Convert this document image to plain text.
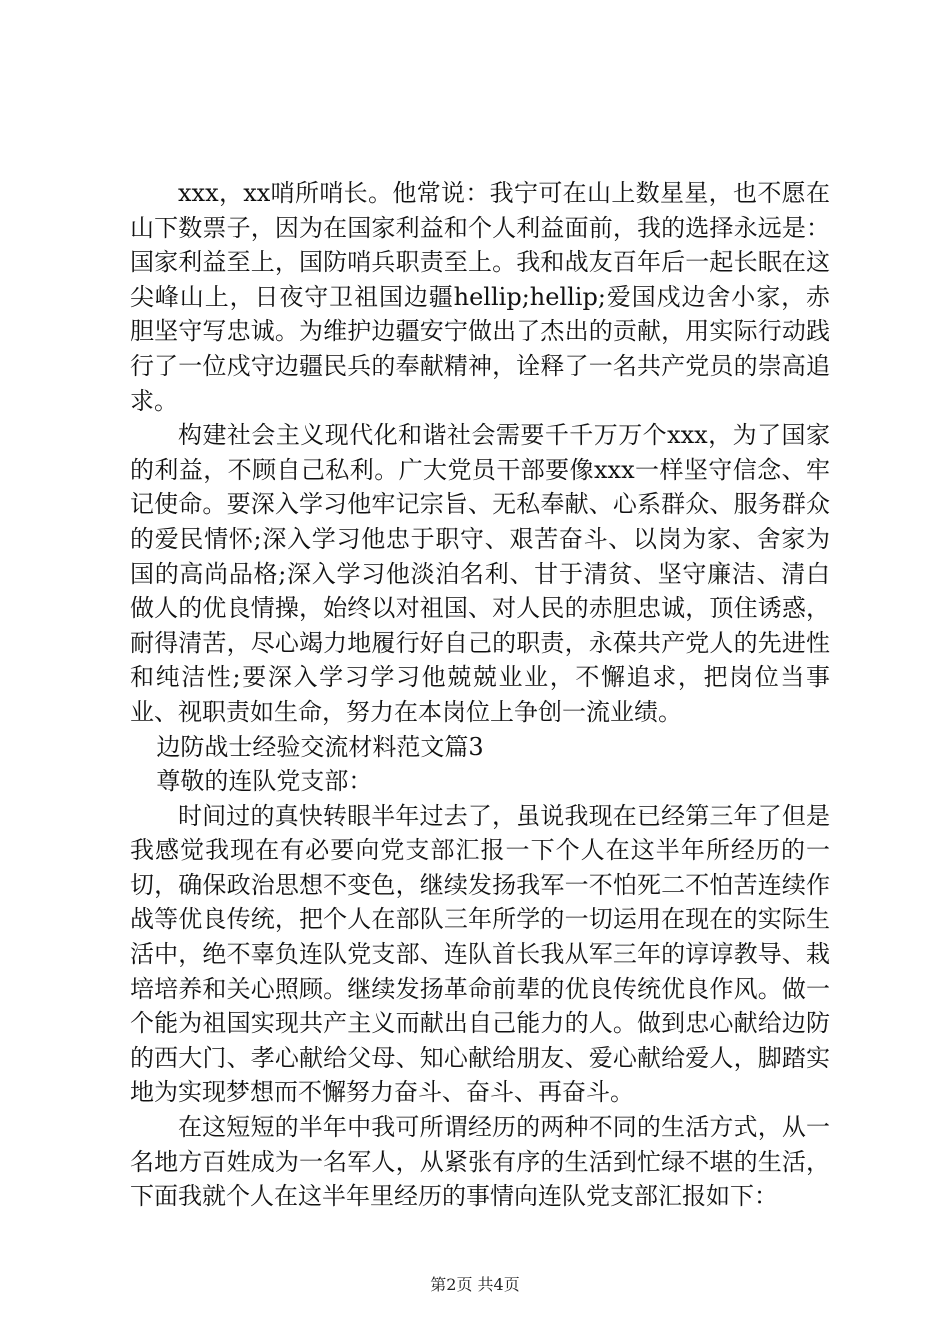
xxx，xx哨所哨长。他常说：我宁可在山上数星星，也不愿在山下数票子，因为在国家利益和个人利益面前，我的选择永远是：国家利益至上，国防哨兵职责至上。我和战友百年后一起长眠在这尖峰山上，日夜守卫祖国边疆hellip;hellip;爱国戍边舍小家，赤胆坚守写忠诚。为维护边疆安宁做出了杰出的贡献，用实际行动践行了一位戍守边疆民兵的奉献精神，诠释了一名共产党员的崇高追求。

构建社会主义现代化和谐社会需要千千万万个xxx，为了国家的利益，不顾自己私利。广大党员干部要像xxx一样坚守信念、牢记使命。要深入学习他牢记宗旨、无私奉献、心系群众、服务群众的爱民情怀;深入学习他忠于职守、艰苦奋斗、以岗为家、舍家为国的高尚品格;深入学习他淡泊名利、甘于清贫、坚守廉洁、清白做人的优良情操，始终以对祖国、对人民的赤胆忠诚，顶住诱惑，耐得清苦，尽心竭力地履行好自己的职责，永葆共产党人的先进性和纯洁性;要深入学习学习他兢兢业业，不懈追求，把岗位当事业、视职责如生命，努力在本岗位上争创一流业绩。

边防战士经验交流材料范文篇3

尊敬的连队党支部：

时间过的真快转眼半年过去了，虽说我现在已经第三年了但是我感觉我现在有必要向党支部汇报一下个人在这半年所经历的一切，确保政治思想不变色，继续发扬我军一不怕死二不怕苦连续作战等优良传统，把个人在部队三年所学的一切运用在现在的实际生活中，绝不辜负连队党支部、连队首长我从军三年的谆谆教导、栽培培养和关心照顾。继续发扬革命前辈的优良传统优良作风。做一个能为祖国实现共产主义而献出自己能力的人。做到忠心献给边防的西大门、孝心献给父母、知心献给朋友、爱心献给爱人，脚踏实地为实现梦想而不懈努力奋斗、奋斗、再奋斗。

在这短短的半年中我可所谓经历的两种不同的生活方式，从一名地方百姓成为一名军人，从紧张有序的生活到忙绿不堪的生活，下面我就个人在这半年里经历的事情向连队党支部汇报如下：

第2页 共4页
